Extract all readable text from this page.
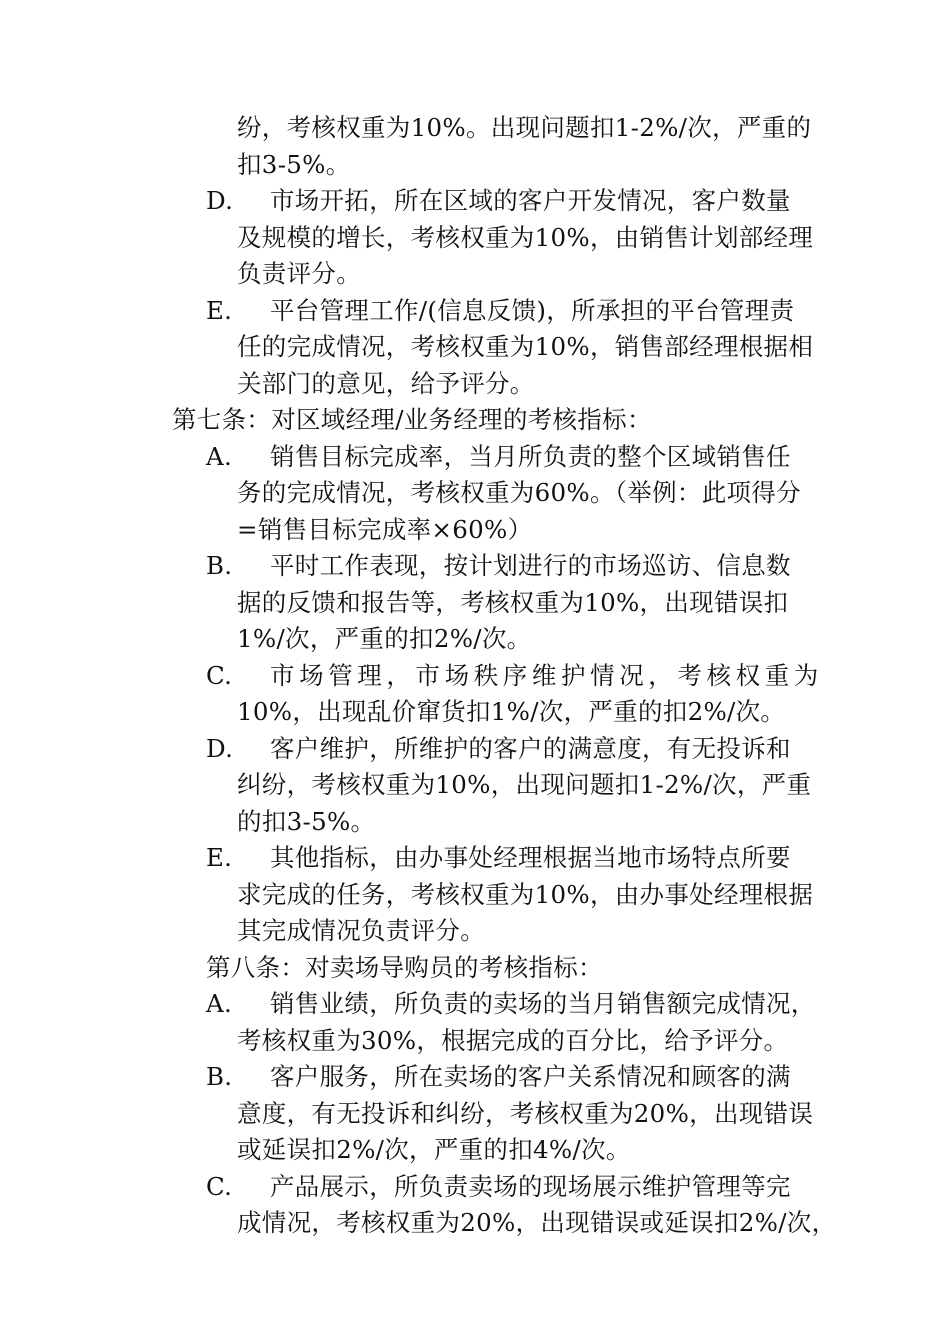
纷，考核权重为10%。出现问题扣1-2%/次，严重的
扣3-5%。
D.	市场开拓，所在区域的客户开发情况，客户数量
及规模的增长，考核权重为10%，由销售计划部经理
负责评分。
E.	平台管理工作/(信息反馈)，所承担的平台管理责
任的完成情况，考核权重为10%，销售部经理根据相
关部门的意见，给予评分。
第七条：对区域经理/业务经理的考核指标：
A.	销售目标完成率，当月所负责的整个区域销售任
务的完成情况，考核权重为60%。（举例：此项得分
=销售目标完成率×60%）
B.	平时工作表现，按计划进行的市场巡访、信息数
据的反馈和报告等，考核权重为10%，出现错误扣
1%/次，严重的扣2%/次。
C.	市场管理，市场秩序维护情况，考核权重为
10%，出现乱价窜货扣1%/次，严重的扣2%/次。
D.	客户维护，所维护的客户的满意度，有无投诉和
纠纷，考核权重为10%，出现问题扣1-2%/次，严重
的扣3-5%。
E.	其他指标，由办事处经理根据当地市场特点所要
求完成的任务，考核权重为10%，由办事处经理根据
其完成情况负责评分。
第八条：对卖场导购员的考核指标：
A.	销售业绩，所负责的卖场的当月销售额完成情况，
考核权重为30%，根据完成的百分比，给予评分。
B.	客户服务，所在卖场的客户关系情况和顾客的满
意度，有无投诉和纠纷，考核权重为20%，出现错误
或延误扣2%/次，严重的扣4%/次。
C.	产品展示，所负责卖场的现场展示维护管理等完
成情况，考核权重为20%，出现错误或延误扣2%/次，
